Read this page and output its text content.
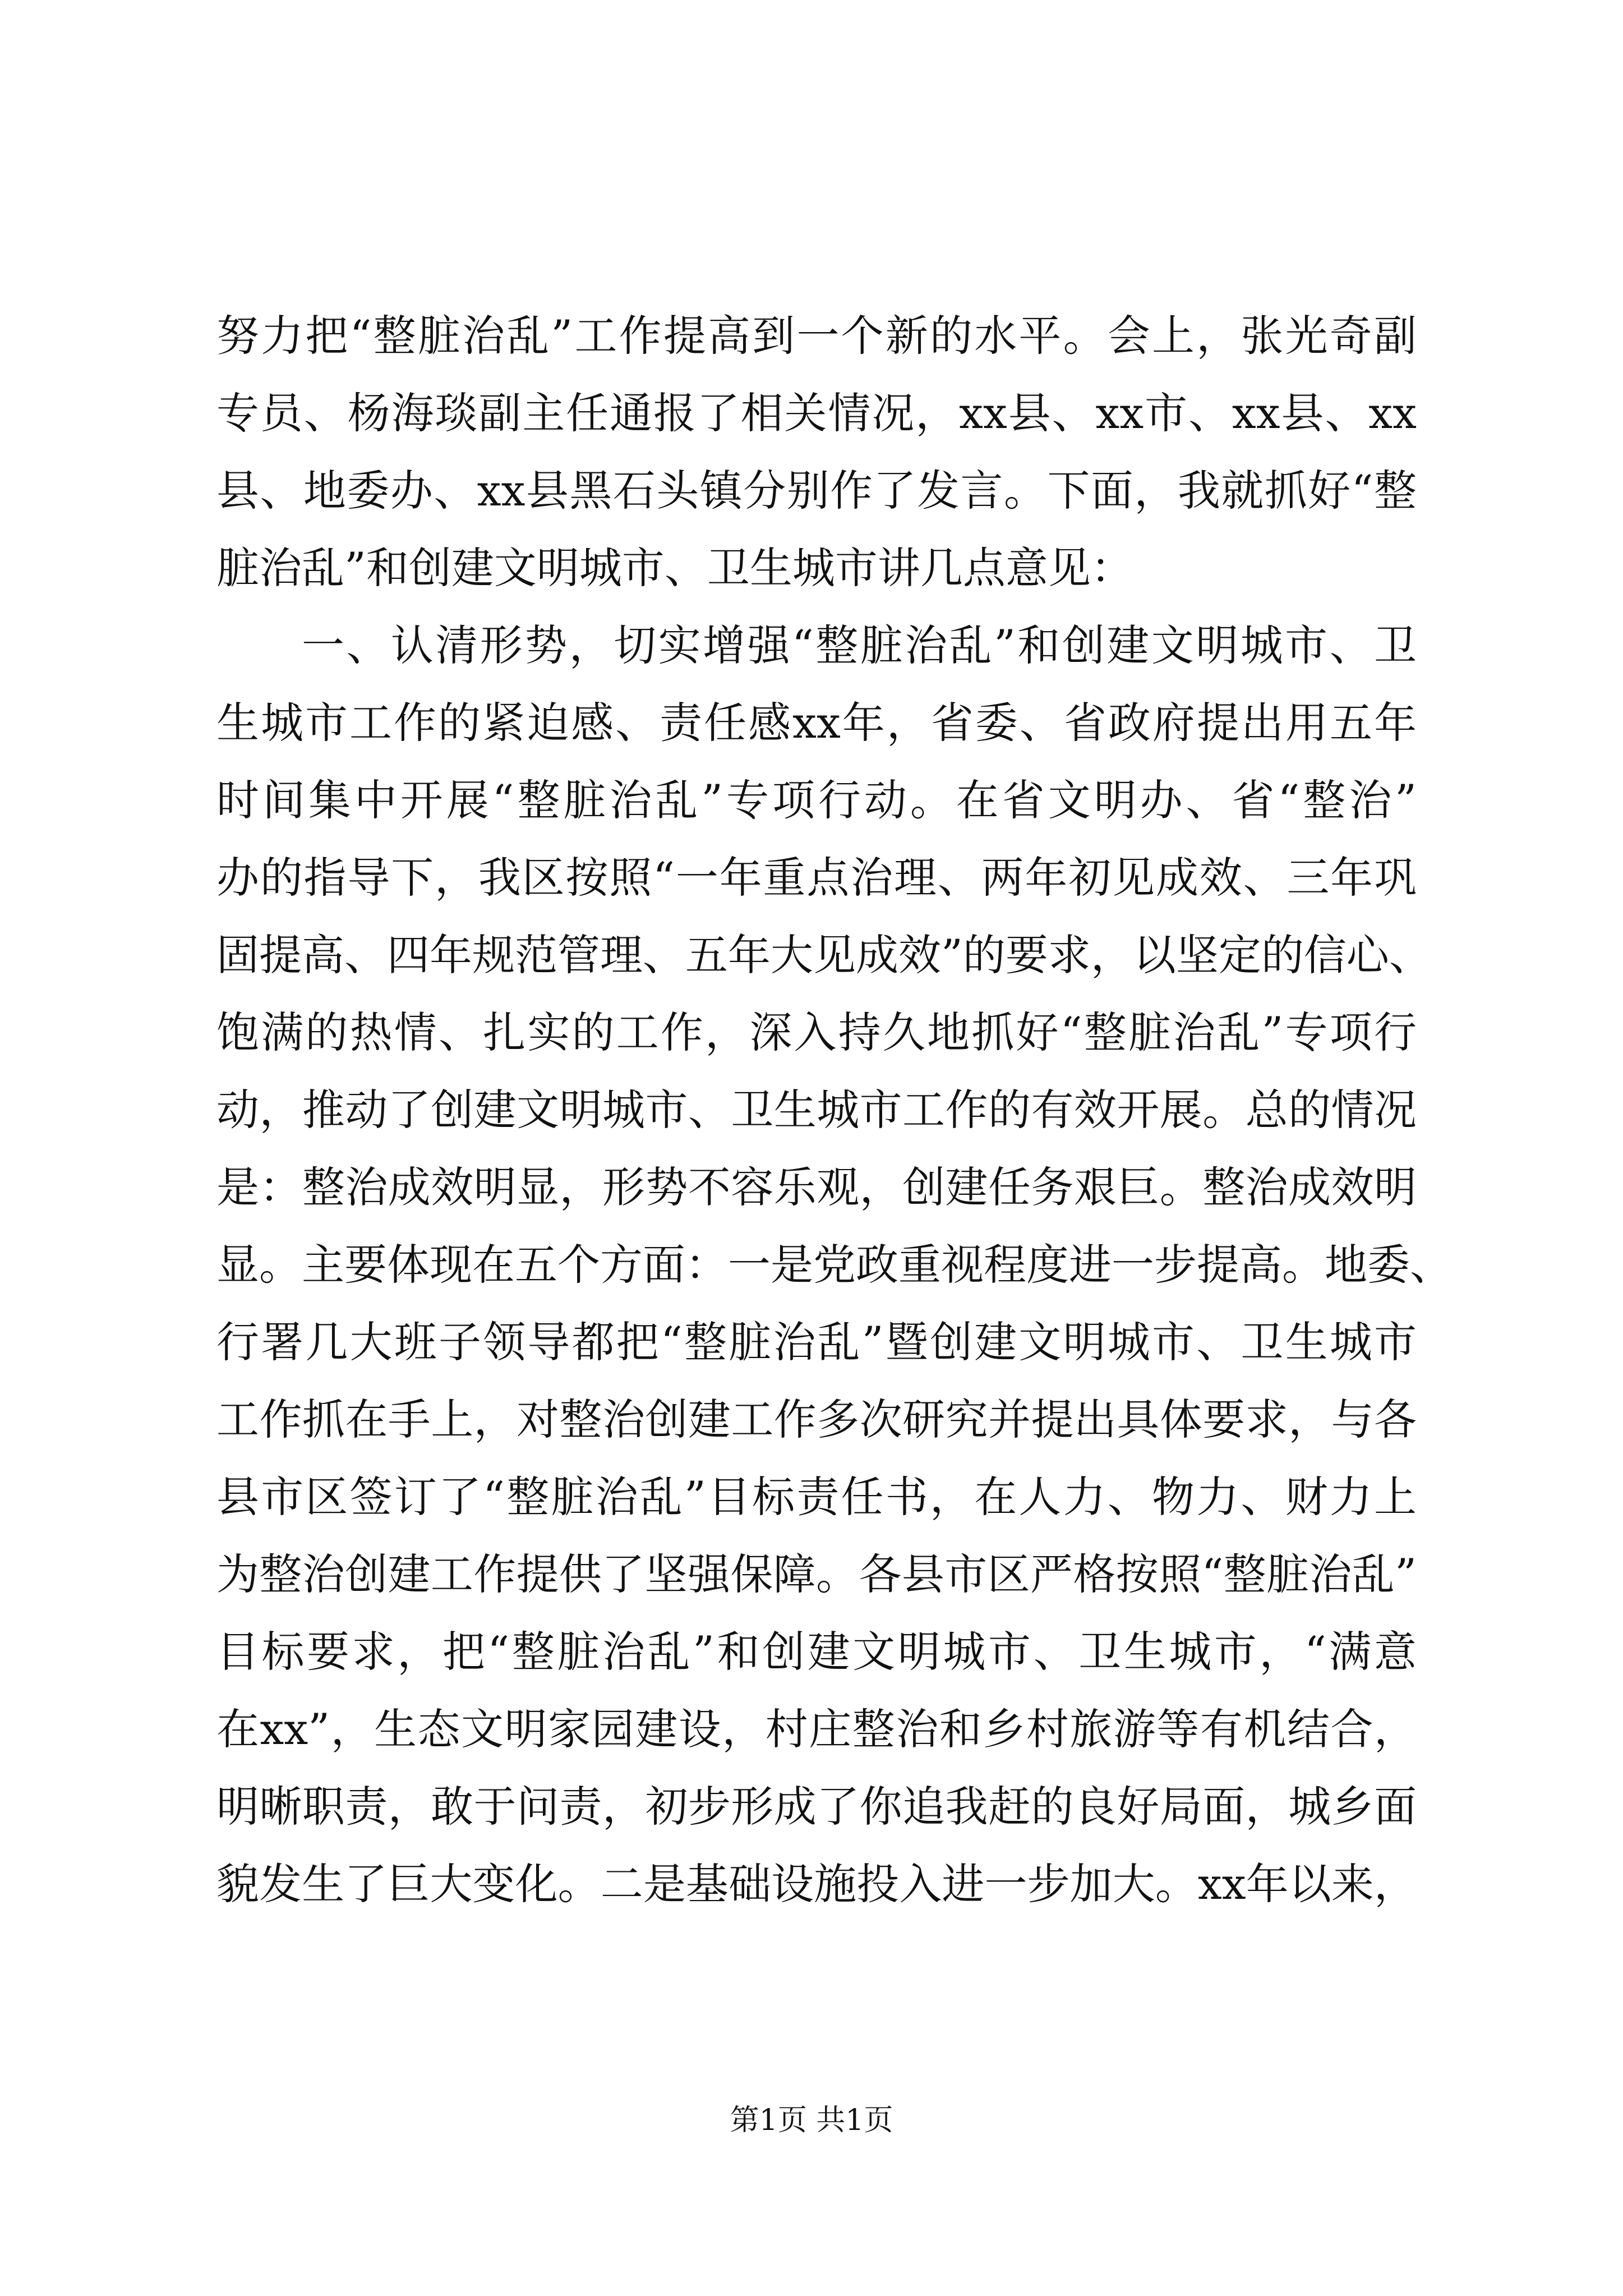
努力把“整脏治乱”工作提高到一个新的水平。会上，张光奇副
专员、杨海琰副主任通报了相关情况，xx县、xx市、xx县、xx
县、地委办、xx县黑石头镇分别作了发言。下面，我就抓好“整
脏治乱”和创建文明城市、卫生城市讲几点意见：
一、认清形势，切实增强“整脏治乱”和创建文明城市、卫
生城市工作的紧迫感、责任感xx年，省委、省政府提出用五年
时间集中开展“整脏治乱”专项行动。在省文明办、省“整治”
办的指导下，我区按照“一年重点治理、两年初见成效、三年巩
固提高、四年规范管理、五年大见成效”的要求，以坚定的信心、
饱满的热情、扎实的工作，深入持久地抓好“整脏治乱”专项行
动，推动了创建文明城市、卫生城市工作的有效开展。总的情况
是：整治成效明显，形势不容乐观，创建任务艰巨。整治成效明
显。主要体现在五个方面：一是党政重视程度进一步提高。地委、
行署几大班子领导都把“整脏治乱”暨创建文明城市、卫生城市
工作抓在手上，对整治创建工作多次研究并提出具体要求，与各
县市区签订了“整脏治乱”目标责任书，在人力、物力、财力上
为整治创建工作提供了坚强保障。各县市区严格按照“整脏治乱”
目标要求，把“整脏治乱”和创建文明城市、卫生城市，“满意
在xx”，生态文明家园建设，村庄整治和乡村旅游等有机结合，
明晰职责，敢于问责，初步形成了你追我赶的良好局面，城乡面
貌发生了巨大变化。二是基础设施投入进一步加大。xx年以来，
第1页 共1页
